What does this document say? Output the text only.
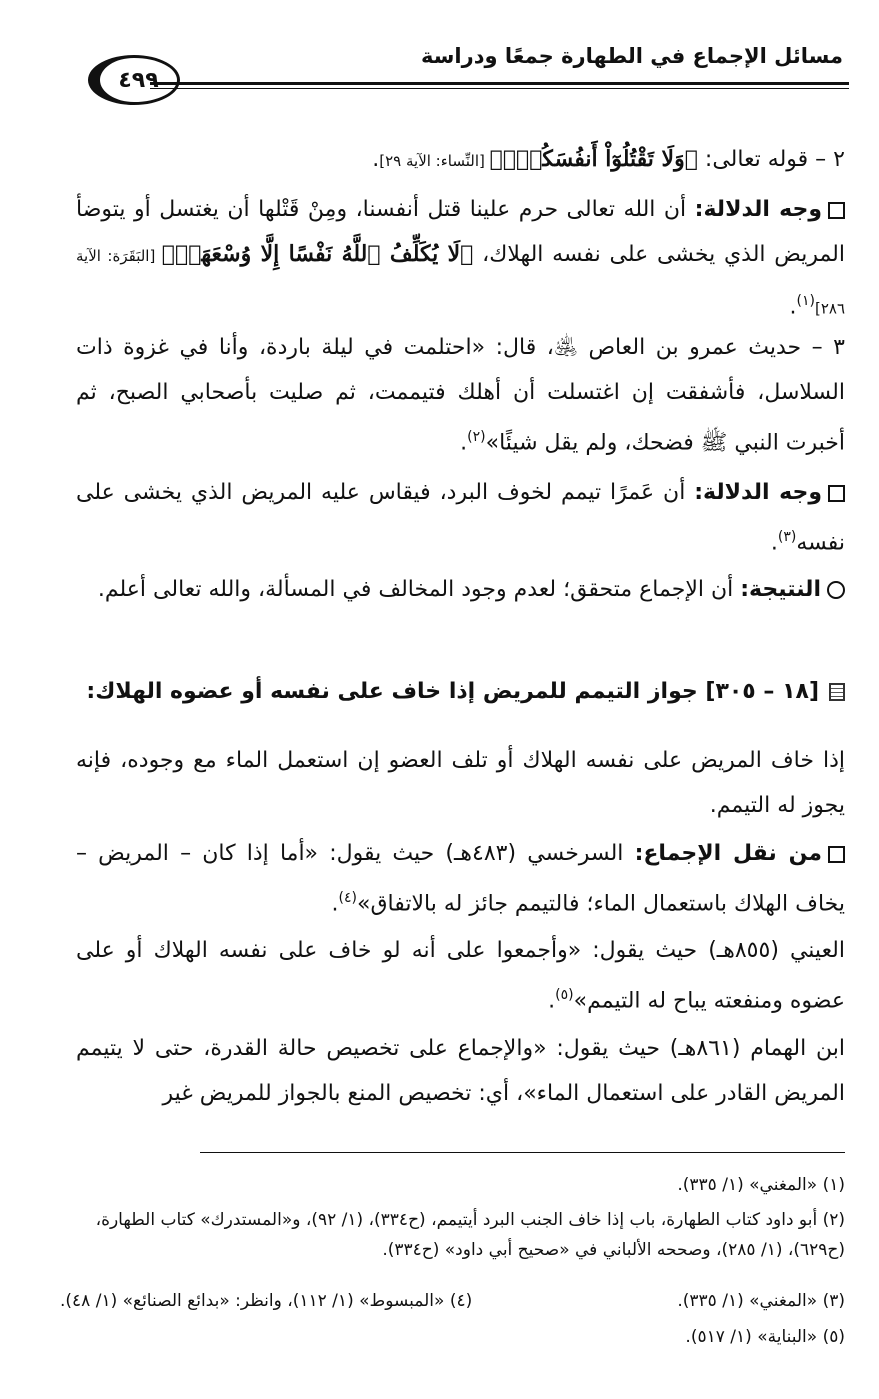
مسائل الإجماع في الطهارة جمعًا ودراسة
٤٩٩
٢ – قوله تعالى: ﴿وَلَا تَقْتُلُوٓاْ أَنفُسَكُمْۚ﴾ [النِّساء: الآية ٢٩].
وجه الدلالة: أن الله تعالى حرم علينا قتل أنفسنا، ومِنْ قَتْلها أن يغتسل أو يتوضأ المريض الذي يخشى على نفسه الهلاك، ﴿لَا يُكَلِّفُ ٱللَّهُ نَفْسًا إِلَّا وُسْعَهَاۚ﴾ [البَقَرَة: الآية ٢٨٦]$^{(١)}$.
٣ – حديث عمرو بن العاص ﵁، قال: «احتلمت في ليلة باردة، وأنا في غزوة ذات السلاسل، فأشفقت إن اغتسلت أن أهلك فتيممت، ثم صليت بأصحابي الصبح، ثم أخبرت النبي ﷺ فضحك، ولم يقل شيئًا»$^{(٢)}$.
وجه الدلالة: أن عَمرًا تيمم لخوف البرد، فيقاس عليه المريض الذي يخشى على نفسه$^{(٣)}$.
النتيجة: أن الإجماع متحقق؛ لعدم وجود المخالف في المسألة، والله تعالى أعلم.
[١٨ – ٣٠٥] جواز التيمم للمريض إذا خاف على نفسه أو عضوه الهلاك:
إذا خاف المريض على نفسه الهلاك أو تلف العضو إن استعمل الماء مع وجوده، فإنه يجوز له التيمم.
من نقل الإجماع: السرخسي (٤٨٣هـ) حيث يقول: «أما إذا كان – المريض – يخاف الهلاك باستعمال الماء؛ فالتيمم جائز له بالاتفاق»$^{(٤)}$.
العيني (٨٥٥هـ) حيث يقول: «وأجمعوا على أنه لو خاف على نفسه الهلاك أو على عضوه ومنفعته يباح له التيمم»$^{(٥)}$.
ابن الهمام (٨٦١هـ) حيث يقول: «والإجماع على تخصيص حالة القدرة، حتى لا يتيمم المريض القادر على استعمال الماء»، أي: تخصيص المنع بالجواز للمريض غير
(١) «المغني» (١/ ٣٣٥).
(٢) أبو داود كتاب الطهارة، باب إذا خاف الجنب البرد أيتيمم، (ح٣٣٤)، (١/ ٩٢)، و«المستدرك» كتاب الطهارة، (ح٦٢٩)، (١/ ٢٨٥)، وصححه الألباني في «صحيح أبي داود» (ح٣٣٤).
(٣) «المغني» (١/ ٣٣٥).
(٤) «المبسوط» (١/ ١١٢)، وانظر: «بدائع الصنائع» (١/ ٤٨).
(٥) «البناية» (١/ ٥١٧).
